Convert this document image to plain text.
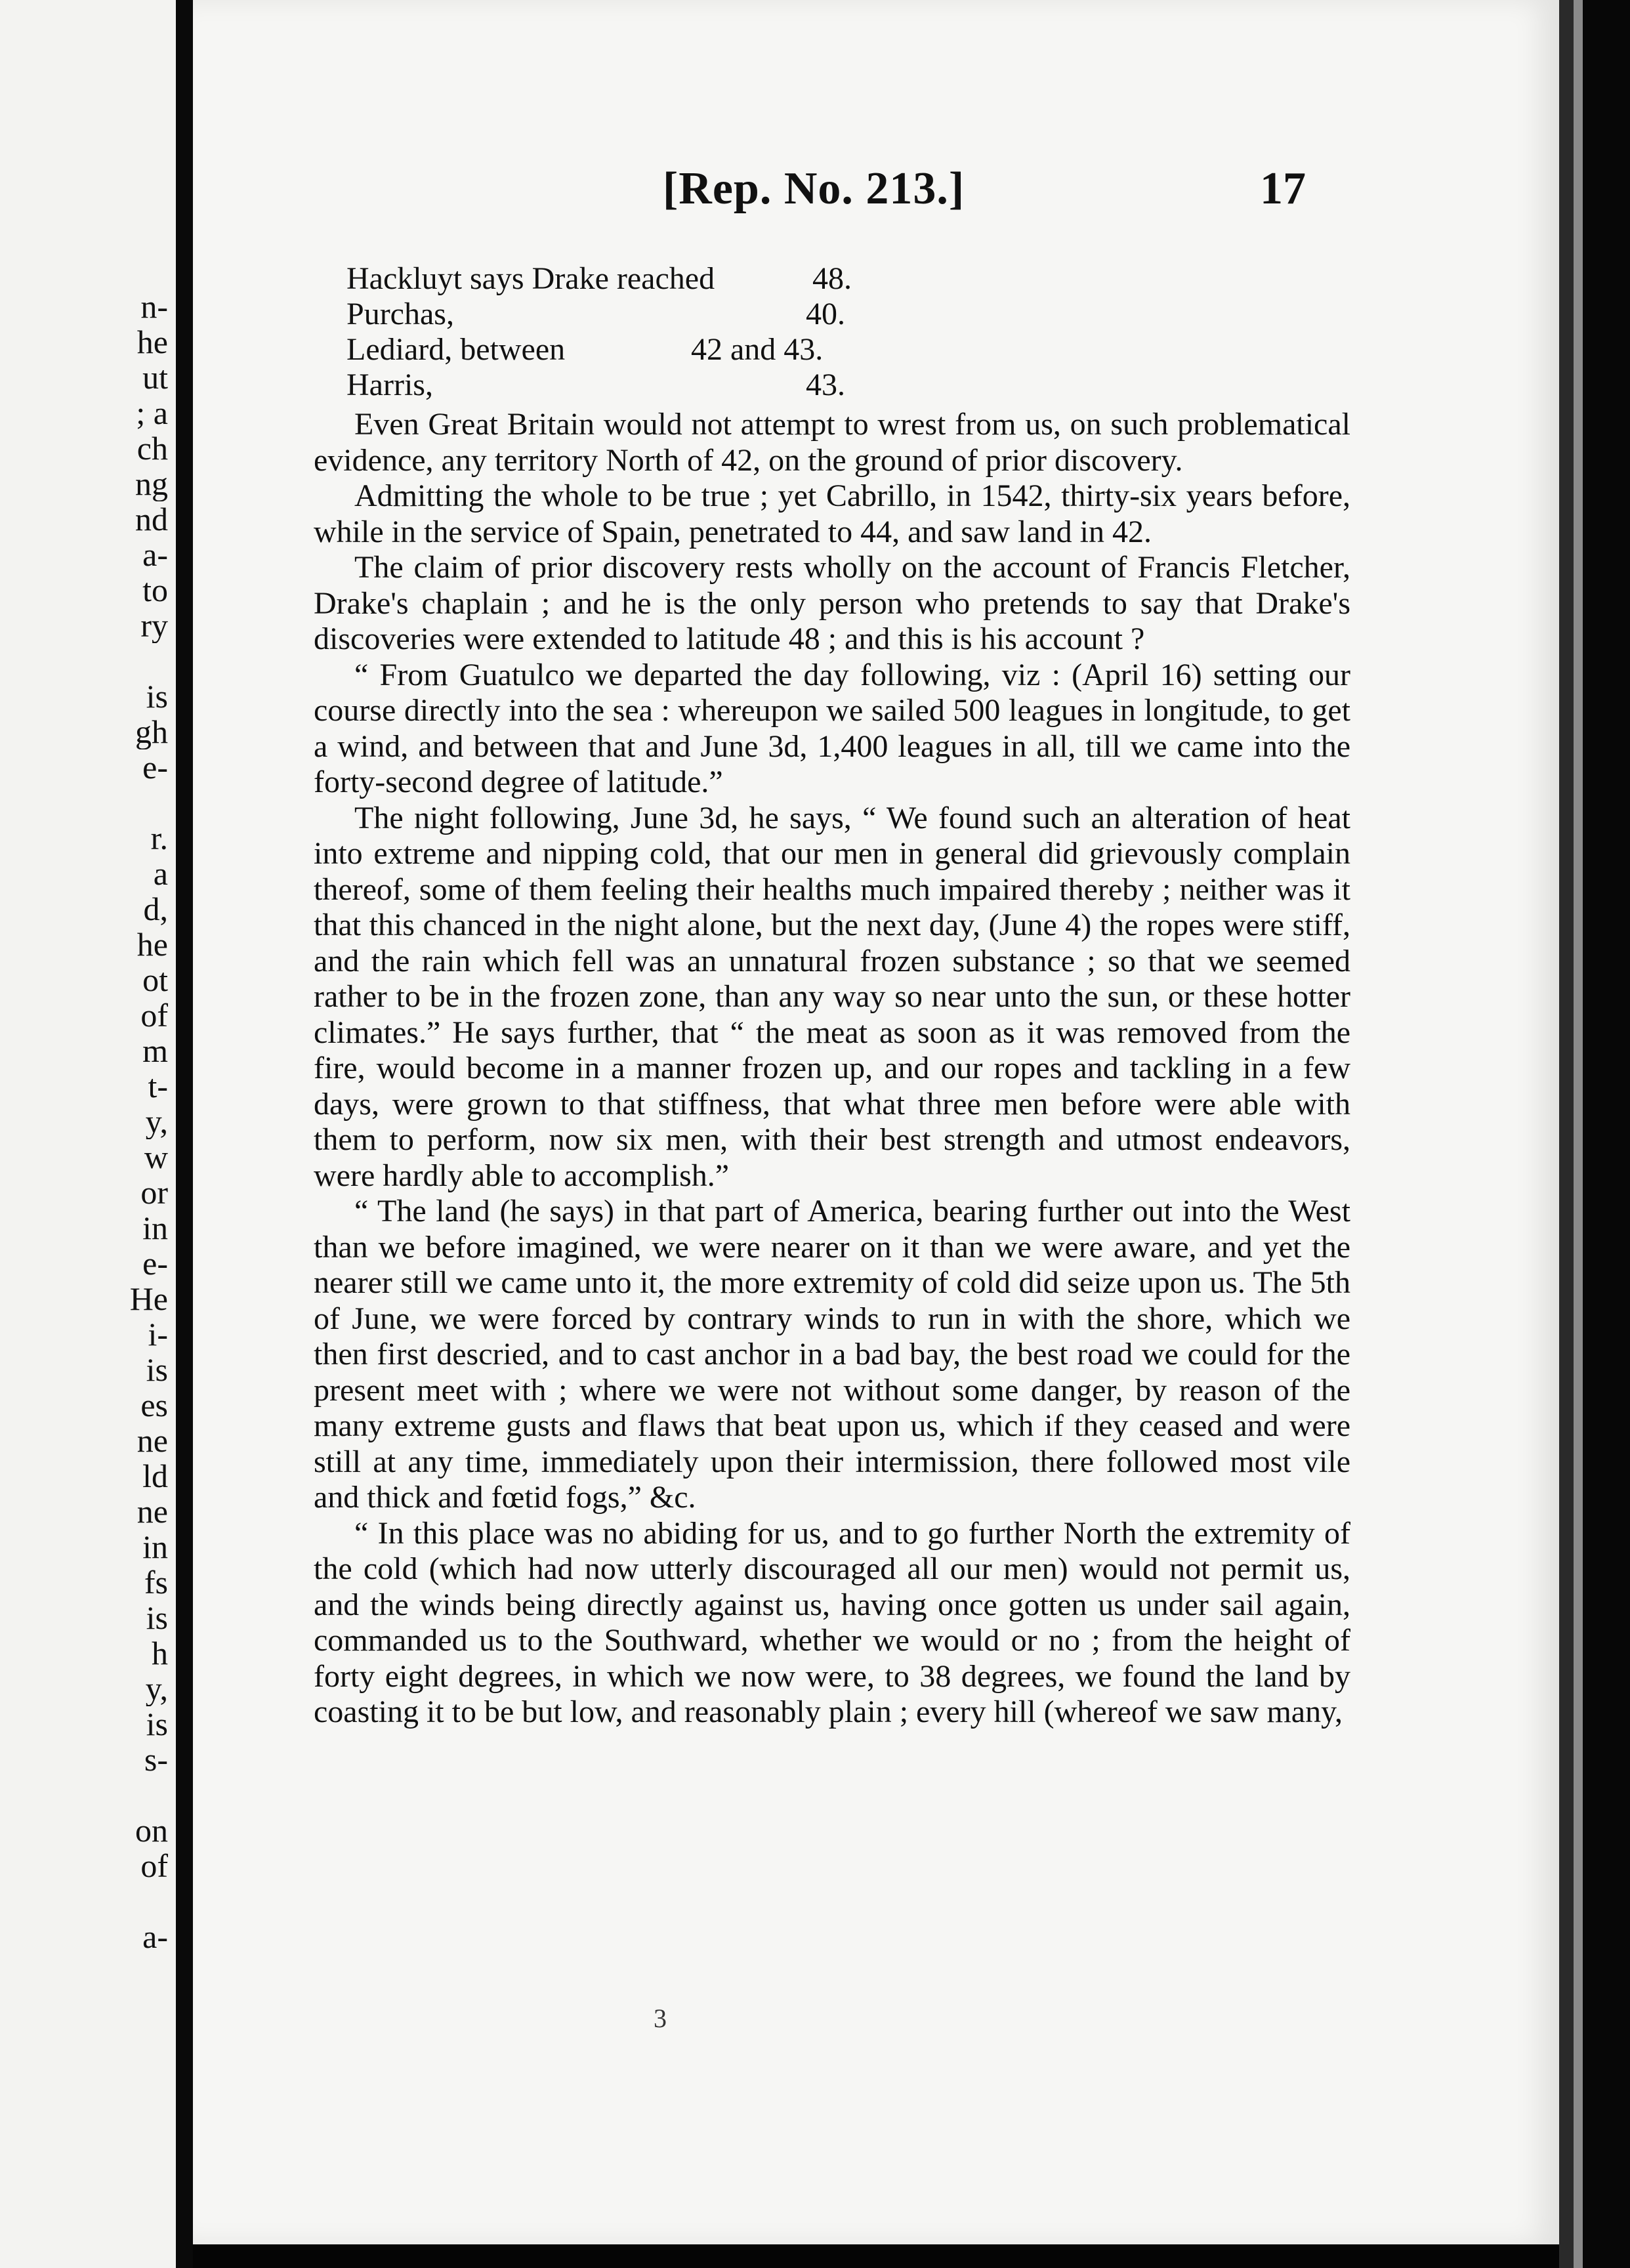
n-
he
ut
; a
ch
ng
nd
a-
to
ry
is
gh
e-
r.
a
d,
he
ot
of
m
t-
y,
w
or
in
e-
He
i-
is
es
ne
ld
ne
in
fs
is
h
y,
is
s-
on
of
a-
[Rep. No. 213.]	17
Hackluyt says Drake reached	48.
Purchas,	40.
Lediard, between	42 and 43.
Harris,	43.

Even Great Britain would not attempt to wrest from us, on such problematical evidence, any territory North of 42, on the ground of prior discovery.

Admitting the whole to be true ; yet Cabrillo, in 1542, thirty-six years before, while in the service of Spain, penetrated to 44, and saw land in 42.

The claim of prior discovery rests wholly on the account of Francis Fletcher, Drake's chaplain ; and he is the only person who pretends to say that Drake's discoveries were extended to latitude 48 ; and this is his account ?

“ From Guatulco we departed the day following, viz : (April 16) setting our course directly into the sea : whereupon we sailed 500 leagues in longitude, to get a wind, and between that and June 3d, 1,400 leagues in all, till we came into the forty-second degree of latitude.”

The night following, June 3d, he says, “ We found such an alteration of heat into extreme and nipping cold, that our men in general did grievously complain thereof, some of them feeling their healths much impaired thereby ; neither was it that this chanced in the night alone, but the next day, (June 4) the ropes were stiff, and the rain which fell was an unnatural frozen substance ; so that we seemed rather to be in the frozen zone, than any way so near unto the sun, or these hotter climates.” He says further, that “ the meat as soon as it was removed from the fire, would become in a manner frozen up, and our ropes and tackling in a few days, were grown to that stiffness, that what three men before were able with them to perform, now six men, with their best strength and utmost endeavors, were hardly able to accomplish.”

“ The land (he says) in that part of America, bearing further out into the West than we before imagined, we were nearer on it than we were aware, and yet the nearer still we came unto it, the more extremity of cold did seize upon us. The 5th of June, we were forced by contrary winds to run in with the shore, which we then first descried, and to cast anchor in a bad bay, the best road we could for the present meet with ; where we were not without some danger, by reason of the many extreme gusts and flaws that beat upon us, which if they ceased and were still at any time, immediately upon their intermission, there followed most vile and thick and fœtid fogs,” &c.

“ In this place was no abiding for us, and to go further North the extremity of the cold (which had now utterly discouraged all our men) would not permit us, and the winds being directly against us, having once gotten us under sail again, commanded us to the Southward, whether we would or no ; from the height of forty eight degrees, in which we now were, to 38 degrees, we found the land by coasting it to be but low, and reasonably plain ; every hill (whereof we saw many,

3
